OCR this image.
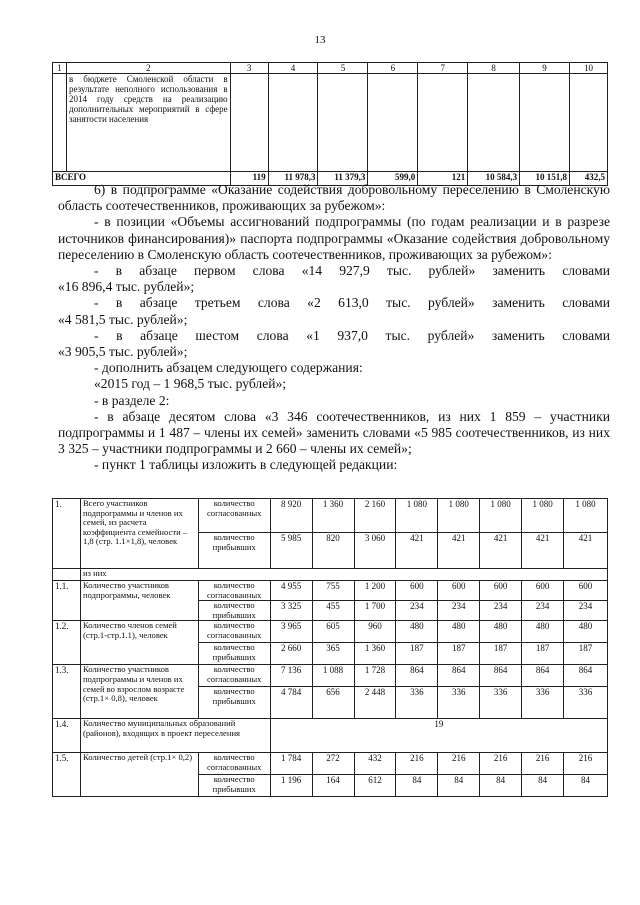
13
1	2	3	4	5	6	7	8	9	10
	в бюджете Смоленской области в результате неполного использования в 2014 году средств на реализацию дополнительных мероприятий в сфере занятости населения								
ВСЕГО		119	11 978,3	11 379,3	599,0	121	10 584,3	10 151,8	432,5

6) в подпрограмме «Оказание содействия добровольному переселению в Смоленскую область соотечественников, проживающих за рубежом»:

- в позиции «Объемы ассигнований подпрограммы (по годам реализации и в разрезе источников финансирования)» паспорта подпрограммы «Оказание содействия добровольному переселению в Смоленскую область соотечественников, проживающих за рубежом»:

- в абзаце первом слова «14 927,9 тыс. рублей» заменить словами

«16 896,4 тыс. рублей»;

- в абзаце третьем слова «2 613,0 тыс. рублей» заменить словами

«4 581,5 тыс. рублей»;

- в абзаце шестом слова «1 937,0 тыс. рублей» заменить словами

«3 905,5 тыс. рублей»;

- дополнить абзацем следующего содержания:

«2015 год – 1 968,5 тыс. рублей»;

- в разделе 2:

- в абзаце десятом слова «3 346 соотечественников, из них 1 859 – участники подпрограммы и 1 487 – члены их семей» заменить словами «5 985 соотечественников, из них 3 325 – участники подпрограммы и 2 660 – члены их семей»;

- пункт 1 таблицы изложить в следующей редакции:

1.	Всего участников подпрограммы и членов их семей, из расчета коэффициента семейности – 1,8 (стр. 1.1×1,8), человек	количество согласованных	8 920	1 360	2 160	1 080	1 080	1 080	1 080	1 080
		количество прибывших	5 985	820	3 060	421	421	421	421	421
	из них									
1.1.	Количество участников подпрограммы, человек	количество согласованных	4 955	755	1 200	600	600	600	600	600
		количество прибывших	3 325	455	1 700	234	234	234	234	234
1.2.	Количество членов семей (стр.1-стр.1.1), человек	количество согласованных	3 965	605	960	480	480	480	480	480
		количество прибывших	2 660	365	1 360	187	187	187	187	187
1.3.	Количество участников подпрограммы и членов их семей во взрослом возрасте (стр.1× 0,8), человек	количество согласованных	7 136	1 088	1 728	864	864	864	864	864
		количество прибывших	4 784	656	2 448	336	336	336	336	336
1.4.	Количество муниципальных образований (районов), входящих в проект переселения		19							
1.5.	Количество детей (стр.1× 0,2)	количество согласованных	1 784	272	432	216	216	216	216	216
		количество прибывших	1 196	164	612	84	84	84	84	84
